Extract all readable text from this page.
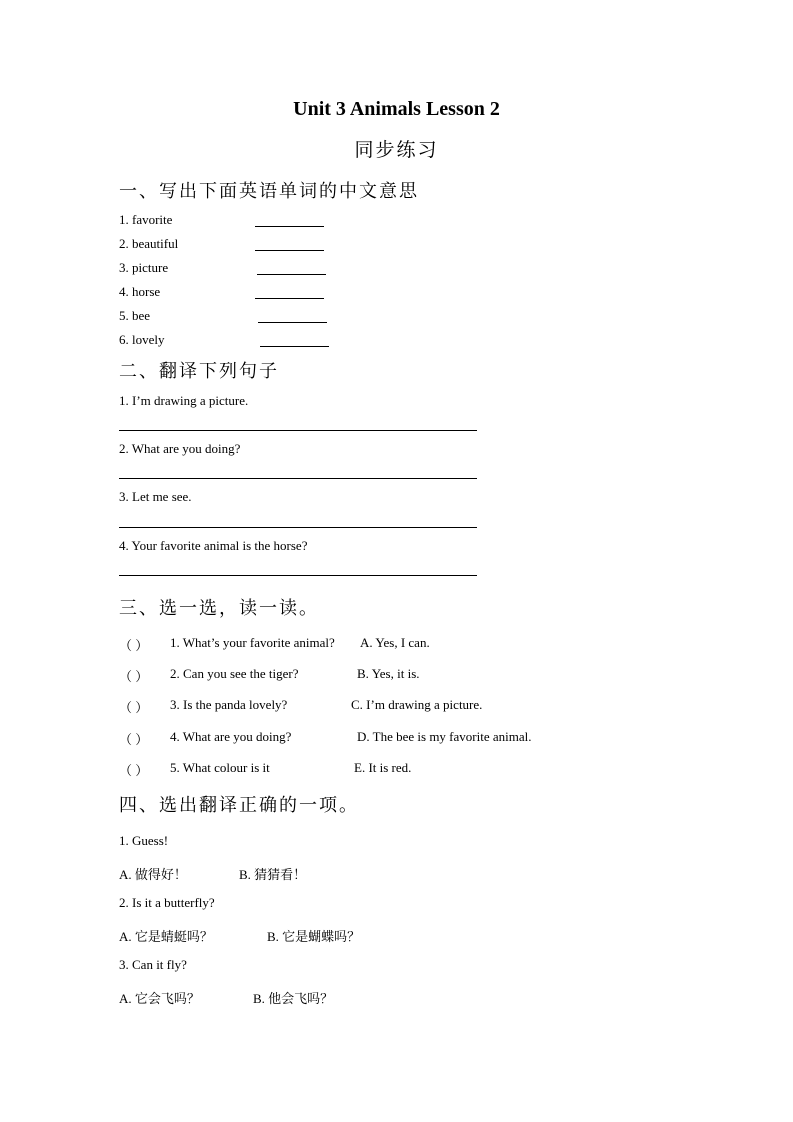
Unit 3 Animals Lesson 2
同步练习
一、写出下面英语单词的中文意思
1. favorite
2. beautiful
3. picture
4. horse
5. bee
6. lovely
二、翻译下列句子
1. I’m drawing a picture.
2. What are you doing?
3. Let me see.
4. Your favorite animal is the horse?
三、选一选，读一读。
（ ） 1. What’s your favorite animal? A. Yes, I can.
（ ） 2. Can you see the tiger?	B. Yes, it is.
（ ） 3. Is the panda lovely?	C. I’m drawing a picture.
（ ） 4. What are you doing?	D. The bee is my favorite animal.
（ ） 5. What colour is it	E. It is red.
四、选出翻译正确的一项。
1. Guess!
A. 做得好！	B. 猜猜看！
2. Is it a butterfly?
A. 它是蜻蜓吗？	B. 它是蝴蝶吗？
3. Can it fly?
A. 它会飞吗？	B. 他会飞吗？
